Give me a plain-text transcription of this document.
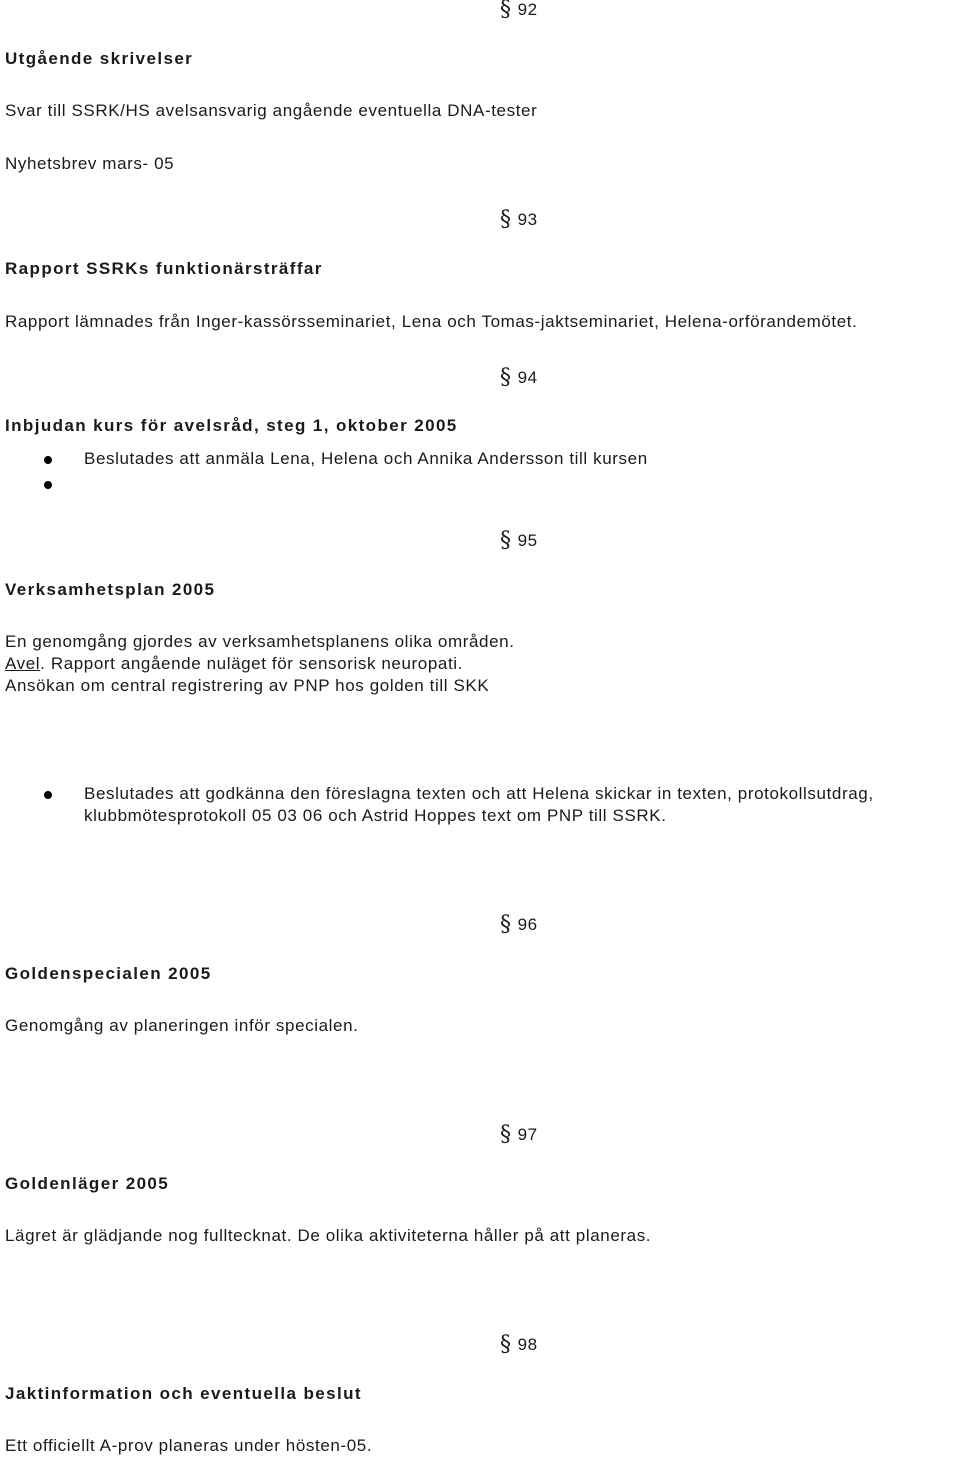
§ 92
Utgående skrivelser
Svar till SSRK/HS avelsansvarig angående eventuella DNA-tester
Nyhetsbrev mars- 05
§ 93
Rapport SSRKs funktionärsträffar
Rapport lämnades från Inger-kassörsseminariet, Lena och Tomas-jaktseminariet, Helena-orförandemötet.
§ 94
Inbjudan kurs för avelsråd, steg 1, oktober 2005
Beslutades att anmäla Lena, Helena och Annika Andersson till kursen
§ 95
Verksamhetsplan 2005
En genomgång gjordes av verksamhetsplanens olika områden.
Avel. Rapport angående nuläget för sensorisk neuropati.
Ansökan om central registrering av PNP hos golden till SKK
Beslutades att godkänna den föreslagna texten och att Helena skickar in texten, protokollsutdrag,
klubbmötesprotokoll 05 03 06 och Astrid Hoppes text om PNP till SSRK.
§ 96
Goldenspecialen 2005
Genomgång av planeringen inför specialen.
§ 97
Goldenläger 2005
Lägret är glädjande nog fulltecknat. De olika aktiviteterna håller på att planeras.
§ 98
Jaktinformation och eventuella beslut
Ett officiellt A-prov planeras under hösten-05.
